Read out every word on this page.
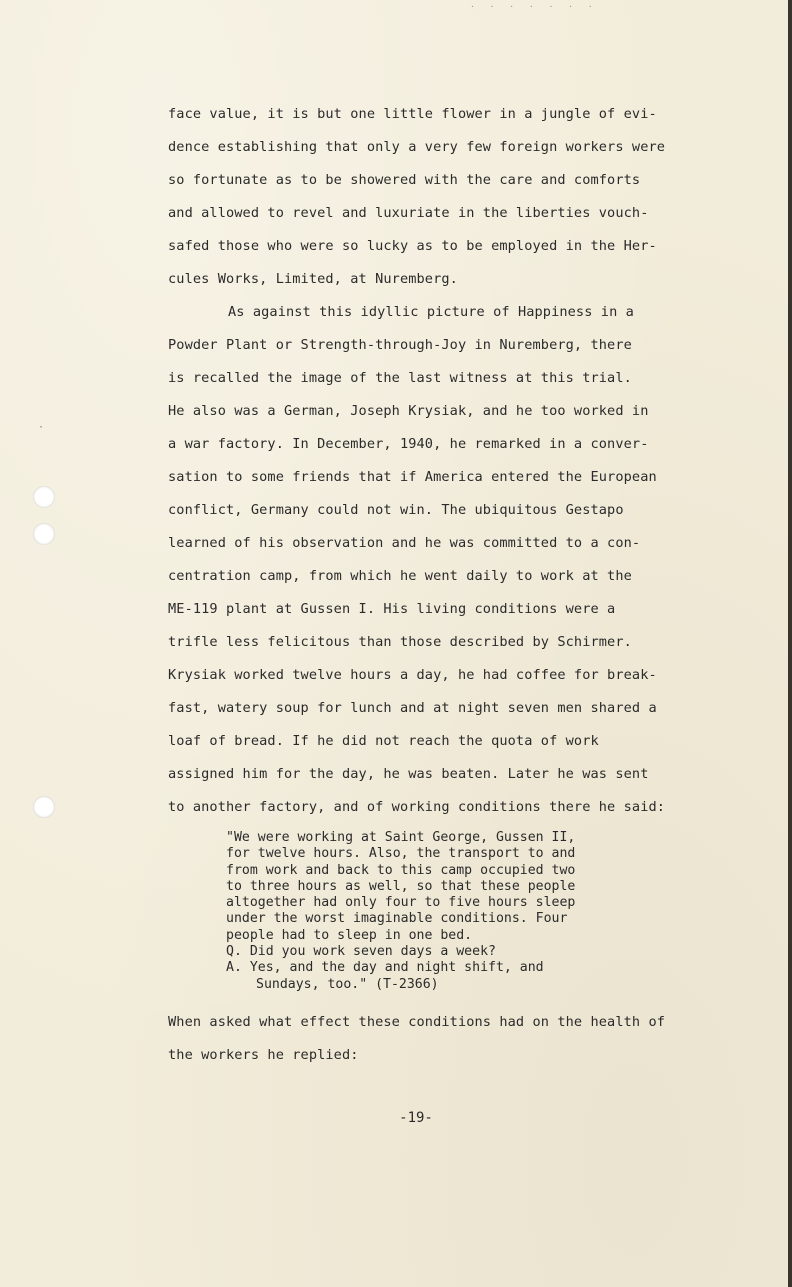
· · · · · · ·
·
face value, it is but one little flower in a jungle of evi-
dence establishing that only a very few foreign workers were
so fortunate as to be showered with the care and comforts
and allowed to revel and luxuriate in the liberties vouch-
safed those who were so lucky as to be employed in the Her-
cules Works, Limited, at Nuremberg.
As against this idyllic picture of Happiness in a
Powder Plant or Strength-through-Joy in Nuremberg, there
is recalled the image of the last witness at this trial.
He also was a German, Joseph Krysiak, and he too worked in
a war factory. In December, 1940, he remarked in a conver-
sation to some friends that if America entered the European
conflict, Germany could not win. The ubiquitous Gestapo
learned of his observation and he was committed to a con-
centration camp, from which he went daily to work at the
ME-119 plant at Gussen I. His living conditions were a
trifle less felicitous than those described by Schirmer.
Krysiak worked twelve hours a day, he had coffee for break-
fast, watery soup for lunch and at night seven men shared a
loaf of bread. If he did not reach the quota of work
assigned him for the day, he was beaten. Later he was sent
to another factory, and of working conditions there he said:
"We were working at Saint George, Gussen II,
for twelve hours. Also, the transport to and
from work and back to this camp occupied two
to three hours as well, so that these people
altogether had only four to five hours sleep
under the worst imaginable conditions. Four
people had to sleep in one bed.
Q. Did you work seven days a week?
A. Yes, and the day and night shift, and
Sundays, too." (T-2366)
When asked what effect these conditions had on the health of
the workers he replied:
-19-
